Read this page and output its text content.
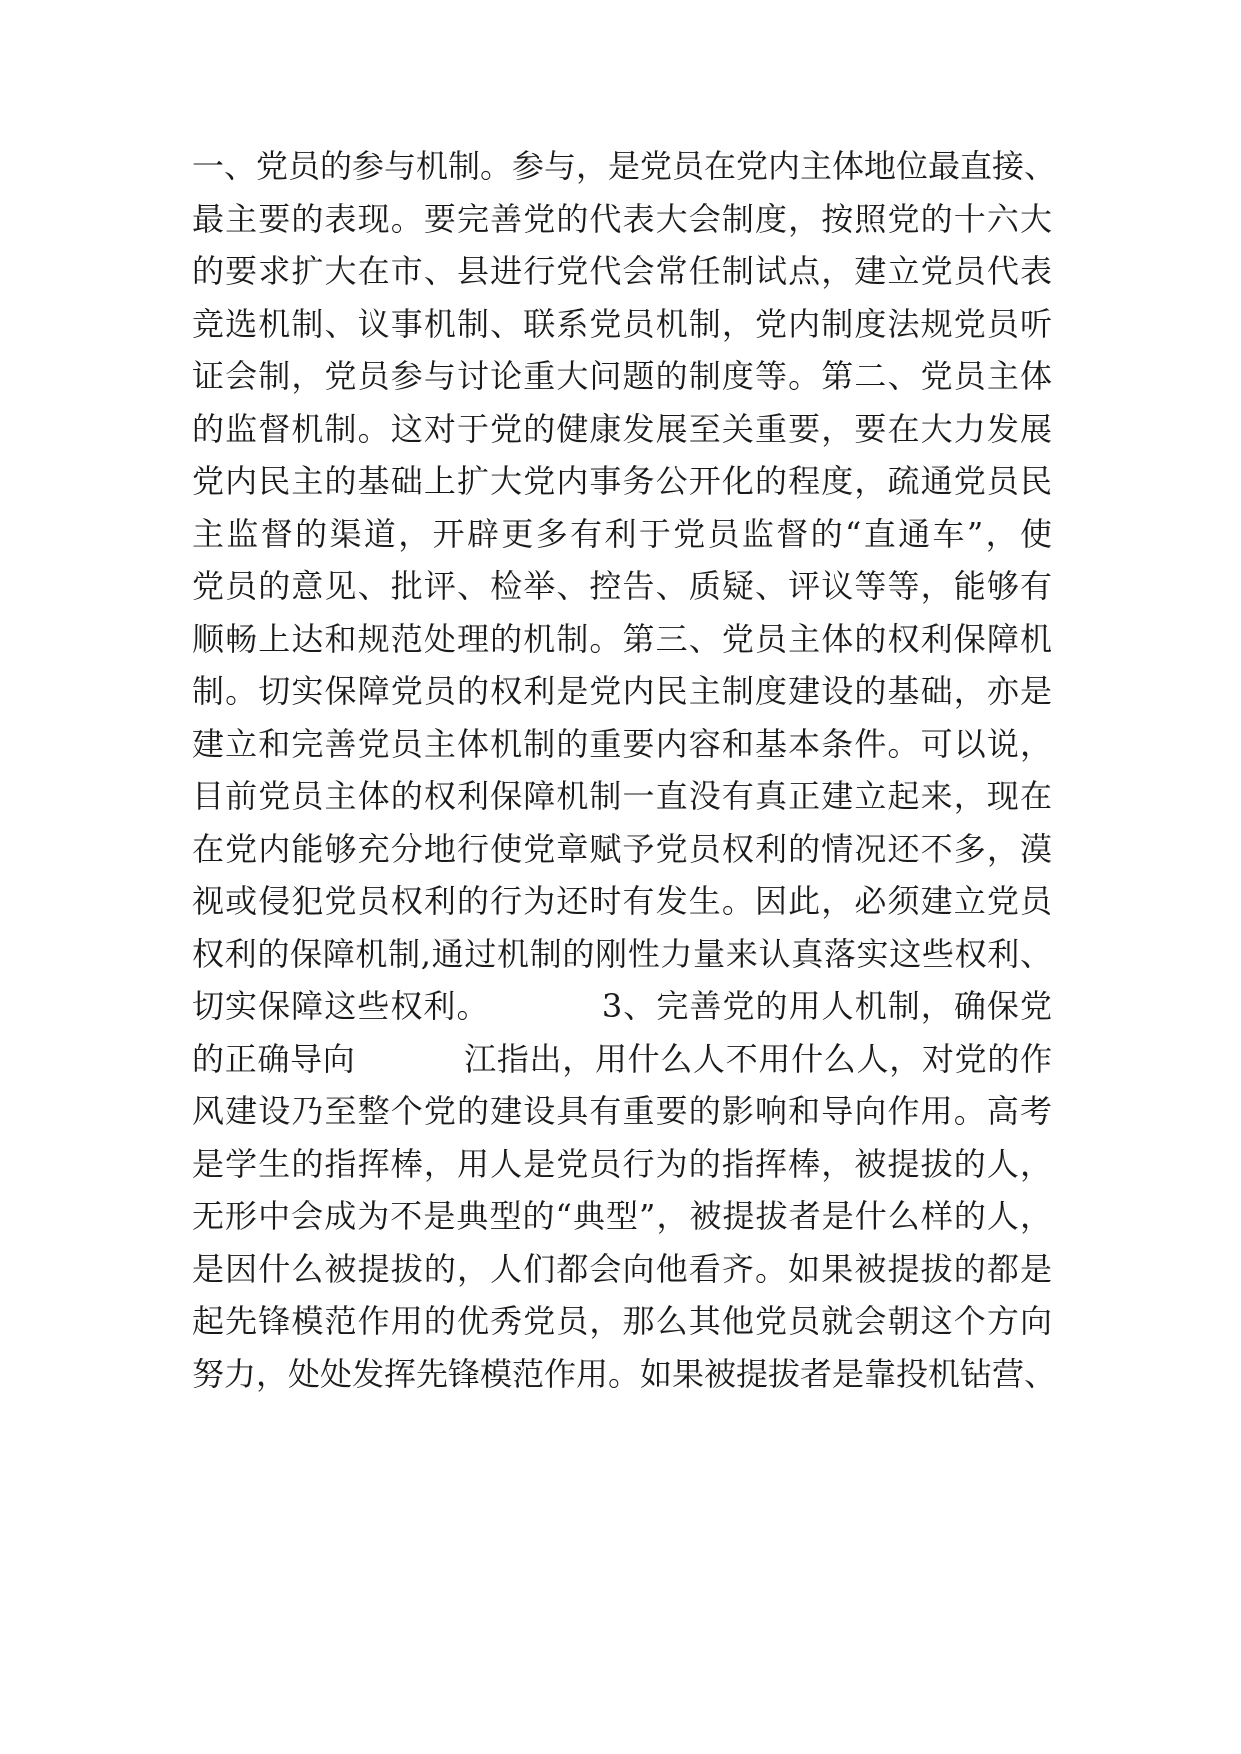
一、党员的参与机制。参与，是党员在党内主体地位最直接、
最主要的表现。要完善党的代表大会制度，按照党的十六大
的要求扩大在市、县进行党代会常任制试点，建立党员代表
竞选机制、议事机制、联系党员机制，党内制度法规党员听
证会制，党员参与讨论重大问题的制度等。第二、党员主体
的监督机制。这对于党的健康发展至关重要，要在大力发展
党内民主的基础上扩大党内事务公开化的程度，疏通党员民
主监督的渠道，开辟更多有利于党员监督的“直通车”，使
党员的意见、批评、检举、控告、质疑、评议等等，能够有
顺畅上达和规范处理的机制。第三、党员主体的权利保障机
制。切实保障党员的权利是党内民主制度建设的基础，亦是
建立和完善党员主体机制的重要内容和基本条件。可以说，
目前党员主体的权利保障机制一直没有真正建立起来，现在
在党内能够充分地行使党章赋予党员权利的情况还不多，漠
视或侵犯党员权利的行为还时有发生。因此，必须建立党员
权利的保障机制,通过机制的刚性力量来认真落实这些权利、
切实保障这些权利。          3、完善党的用人机制，确保党
的正确导向          江指出，用什么人不用什么人，对党的作
风建设乃至整个党的建设具有重要的影响和导向作用。高考
是学生的指挥棒，用人是党员行为的指挥棒，被提拔的人，
无形中会成为不是典型的“典型”，被提拔者是什么样的人，
是因什么被提拔的，人们都会向他看齐。如果被提拔的都是
起先锋模范作用的优秀党员，那么其他党员就会朝这个方向
努力，处处发挥先锋模范作用。如果被提拔者是靠投机钻营、
